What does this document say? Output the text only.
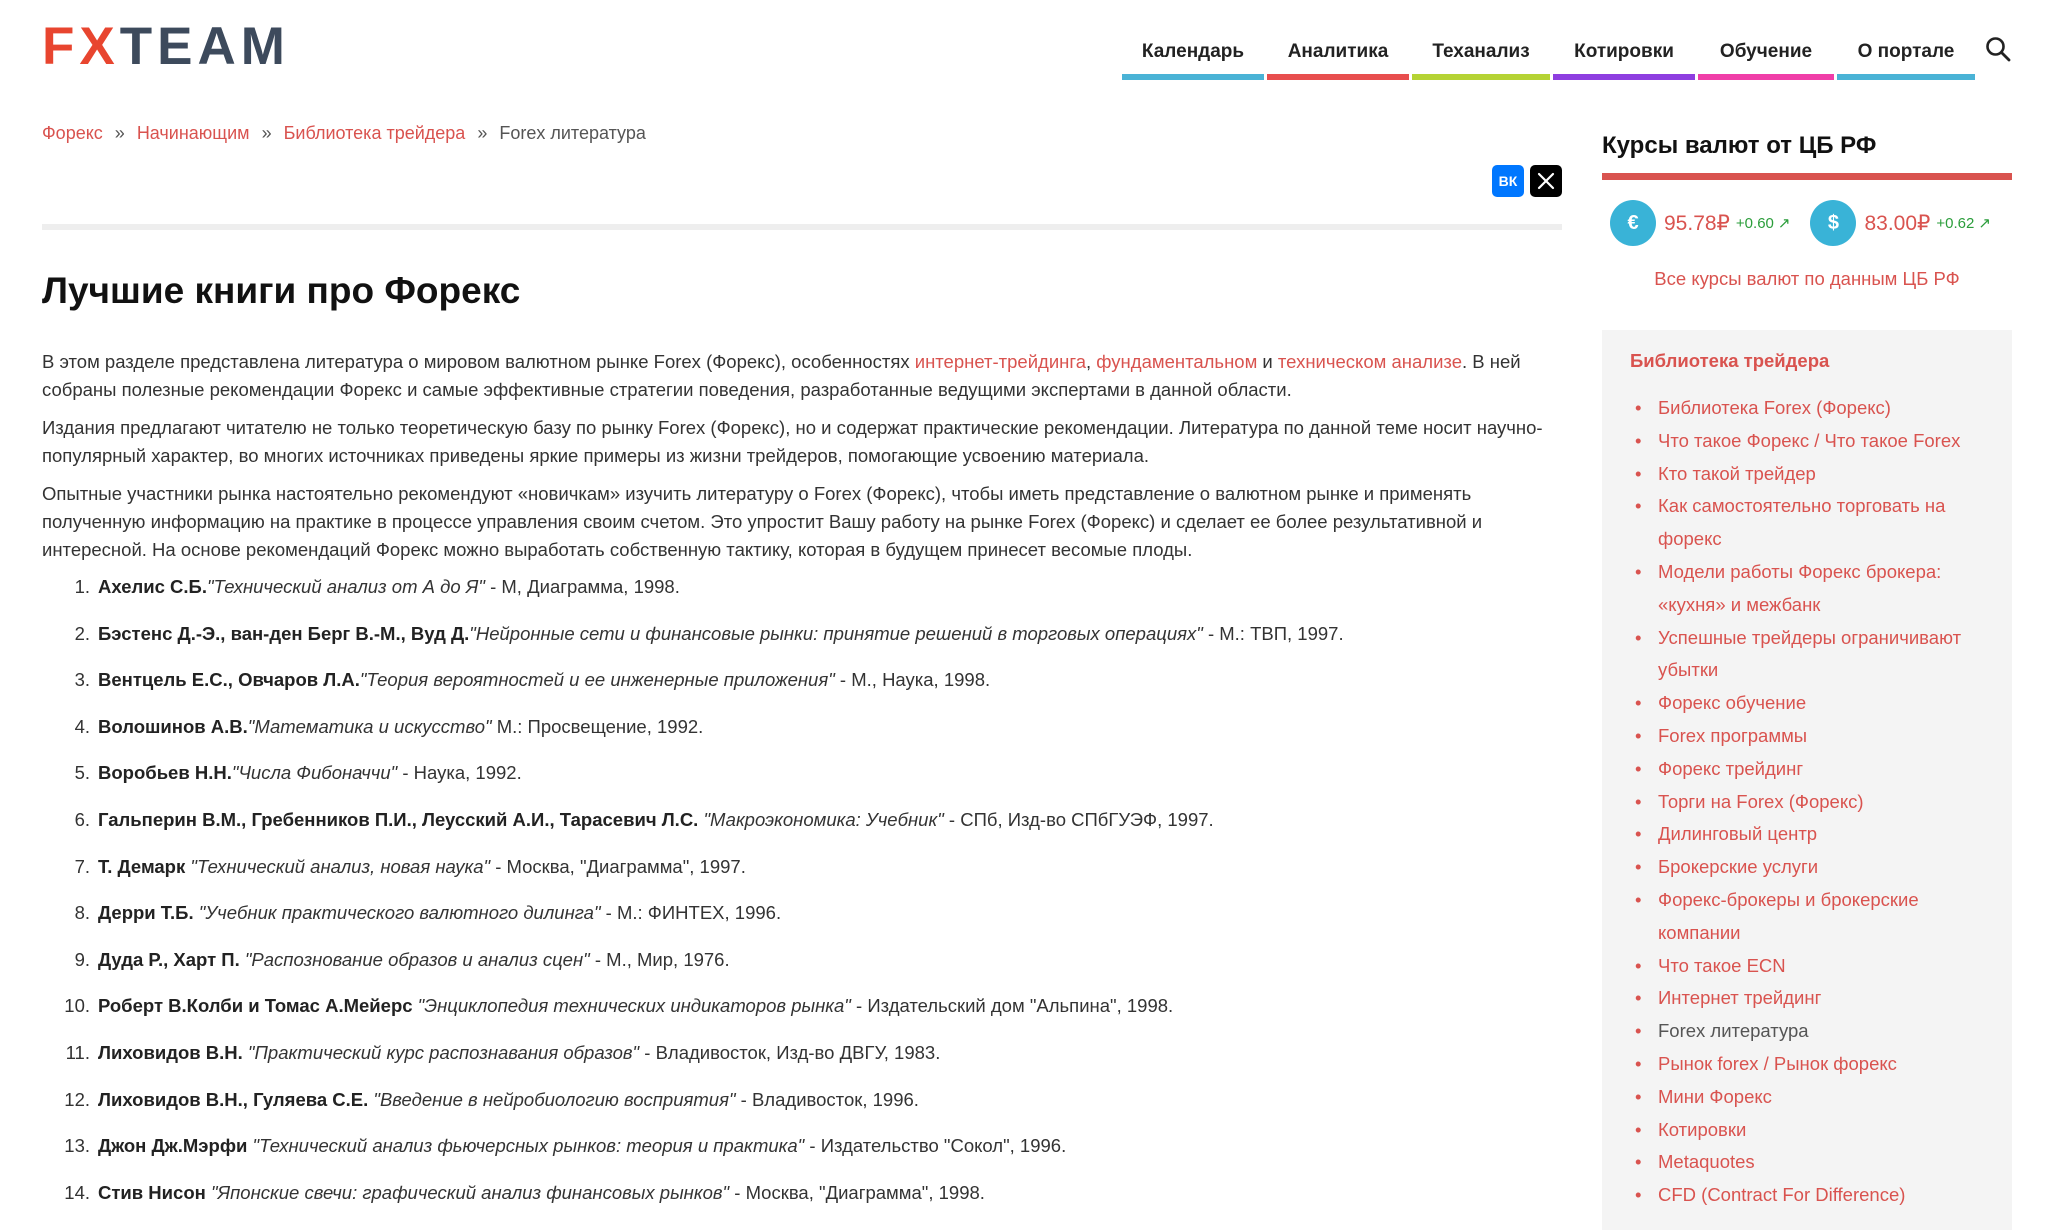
FX TEAM	Календарь Аналитика Теханализ Котировки Обучение О портале
Форекс » Начинающим » Библиотека трейдера » Forex литература
ВК
Лучшие книги про Форекс

В этом разделе представлена литература о мировом валютном рынке Forex (Форекс), особенностях интернет-трейдинга, фундаментальном и техническом анализе. В ней собраны полезные рекомендации Форекс и самые эффективные стратегии поведения, разработанные ведущими экспертами в данной области.

Издания предлагают читателю не только теоретическую базу по рынку Forex (Форекс), но и содержат практические рекомендации. Литература по данной теме носит научно-популярный характер, во многих источниках приведены яркие примеры из жизни трейдеров, помогающие усвоению материала.

Опытные участники рынка настоятельно рекомендуют «новичкам» изучить литературу о Forex (Форекс), чтобы иметь представление о валютном рынке и применять полученную информацию на практике в процессе управления своим счетом. Это упростит Вашу работу на рынке Forex (Форекс) и сделает ее более результативной и интересной. На основе рекомендаций Форекс можно выработать собственную тактику, которая в будущем принесет весомые плоды.

1. Ахелис С.Б."Технический анализ от А до Я" - М, Диаграмма, 1998.
2. Бэстенс Д.-Э., ван-ден Берг В.-М., Вуд Д."Нейронные сети и финансовые рынки: принятие решений в торговых операциях" - М.: ТВП, 1997.
3. Вентцель Е.С., Овчаров Л.А."Теория вероятностей и ее инженерные приложения" - М., Наука, 1998.
4. Волошинов А.В."Математика и искусство" М.: Просвещение, 1992.
5. Воробьев Н.Н."Числа Фибоначчи" - Наука, 1992.
6. Гальперин В.М., Гребенников П.И., Леусский А.И., Тарасевич Л.С. "Макроэкономика: Учебник" - СПб, Изд-во СПбГУЭФ, 1997.
7. Т. Демарк "Технический анализ, новая наука" - Москва, "Диаграмма", 1997.
8. Дерри Т.Б. "Учебник практического валютного дилинга" - М.: ФИНТЕХ, 1996.
9. Дуда Р., Харт П. "Распознование образов и анализ сцен" - М., Мир, 1976.
10. Роберт В.Колби и Томас А.Мейерс "Энциклопедия технических индикаторов рынка" - Издательский дом "Альпина", 1998.
11. Лиховидов В.Н. "Практический курс распознавания образов" - Владивосток, Изд-во ДВГУ, 1983.
12. Лиховидов В.Н., Гуляева С.Е. "Введение в нейробиологию восприятия" - Владивосток, 1996.
13. Джон Дж.Мэрфи "Технический анализ фьючерсных рынков: теория и практика" - Издательство "Сокол", 1996.
14. Стив Нисон "Японские свечи: графический анализ финансовых рынков" - Москва, "Диаграмма", 1998.
Курсы валют от ЦБ РФ
€	95.78₽ +0.60 ↗	$	83.00₽ +0.62 ↗
Все курсы валют по данным ЦБ РФ
Библиотека трейдера
• Библиотека Forex (Форекс)
• Что такое Форекс / Что такое Forex
• Кто такой трейдер
• Как самостоятельно торговать на форекс
• Модели работы Форекс брокера: «кухня» и межбанк
• Успешные трейдеры ограничивают убытки
• Форекс обучение
• Forex программы
• Форекс трейдинг
• Торги на Forex (Форекс)
• Дилинговый центр
• Брокерские услуги
• Форекс-брокеры и брокерские компании
• Что такое ECN
• Интернет трейдинг
• Forex литература
• Рынок forex / Рынок форекс
• Мини Форекс
• Котировки
• Metaquotes
• CFD (Contract For Difference)
